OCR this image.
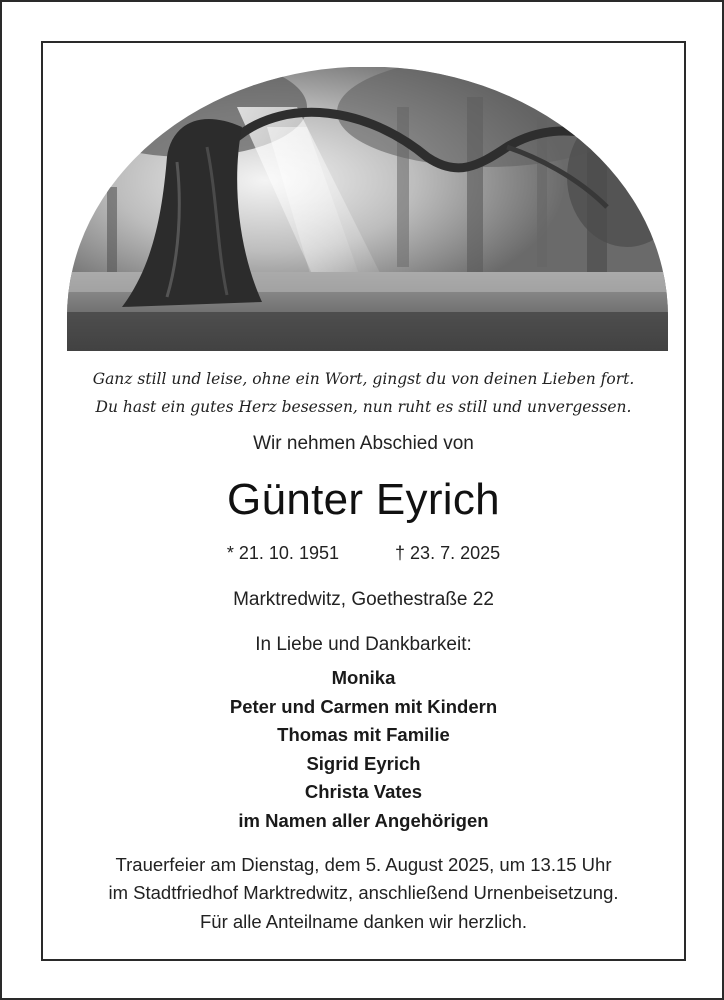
Ganz still und leise, ohne ein Wort, gingst du von deinen Lieben fort.
Du hast ein gutes Herz besessen, nun ruht es still und unvergessen.
Wir nehmen Abschied von
Günter Eyrich
* 21. 10. 1951	† 23. 7. 2025
Marktredwitz, Goethestraße 22
In Liebe und Dankbarkeit:
Monika
Peter und Carmen mit Kindern
Thomas mit Familie
Sigrid Eyrich
Christa Vates
im Namen aller Angehörigen
Trauerfeier am Dienstag, dem 5. August 2025, um 13.15 Uhr
im Stadtfriedhof Marktredwitz, anschließend Urnenbeisetzung.
Für alle Anteilname danken wir herzlich.
